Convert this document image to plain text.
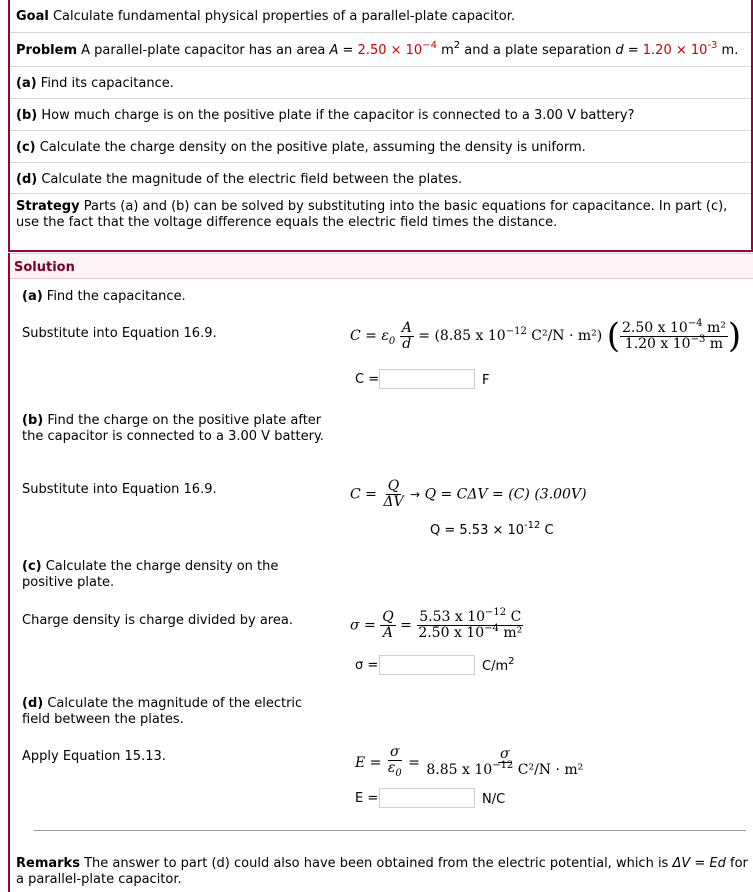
Goal Calculate fundamental physical properties of a parallel-plate capacitor.
Problem A parallel-plate capacitor has an area $A = 2.50 \times 10^{-4}$ $m^2$ and a plate separation $d = 1.20 \times 10^{-3}$ m.
(a) Find its capacitance.
(b) How much charge is on the positive plate if the capacitor is connected to a 3.00 V battery?
(c) Calculate the charge density on the positive plate, assuming the density is uniform.
(d) Calculate the magnitude of the electric field between the plates.
Strategy Parts (a) and (b) can be solved by substituting into the basic equations for capacitance. In part (c), use the fact that the voltage difference equals the electric field times the distance.
Solution
(a) Find the capacitance.
Substitute into Equation 16.9.	$C = \varepsilon_0 \frac{A}{d} = (8.85$ x $10^{-12}$ C²/N · m²) ( $\frac{2.50 x 10^{-4} m^2}{1.20 x 10^{-3} m}$ )
C =	F
(b) Find the charge on the positive plate after the capacitor is connected to a 3.00 V battery.
Substitute into Equation 16.9.	$C = \frac{Q}{\Delta V} \to Q = C\Delta V = (C)$ (3.00V)
$Q = 5.53 \times 10^{-12}$ C
(c) Calculate the charge density on the positive plate.
Charge density is charge divided by area.	$\sigma = \frac{Q}{A} = \frac{5.53 x 10^{-12} C}{2.50 x 10^{-4} m^2}$
σ =	$C/m^2$
(d) Calculate the magnitude of the electric field between the plates.
Apply Equation 15.13.	$E = \frac{\sigma}{\varepsilon_0} = \frac{\sigma}{8.85 x 10^{-12} C^2/N \cdot m^2}$
E =	N/C
Remarks The answer to part (d) could also have been obtained from the electric potential, which is ΔV = Ed for a parallel-plate capacitor.
